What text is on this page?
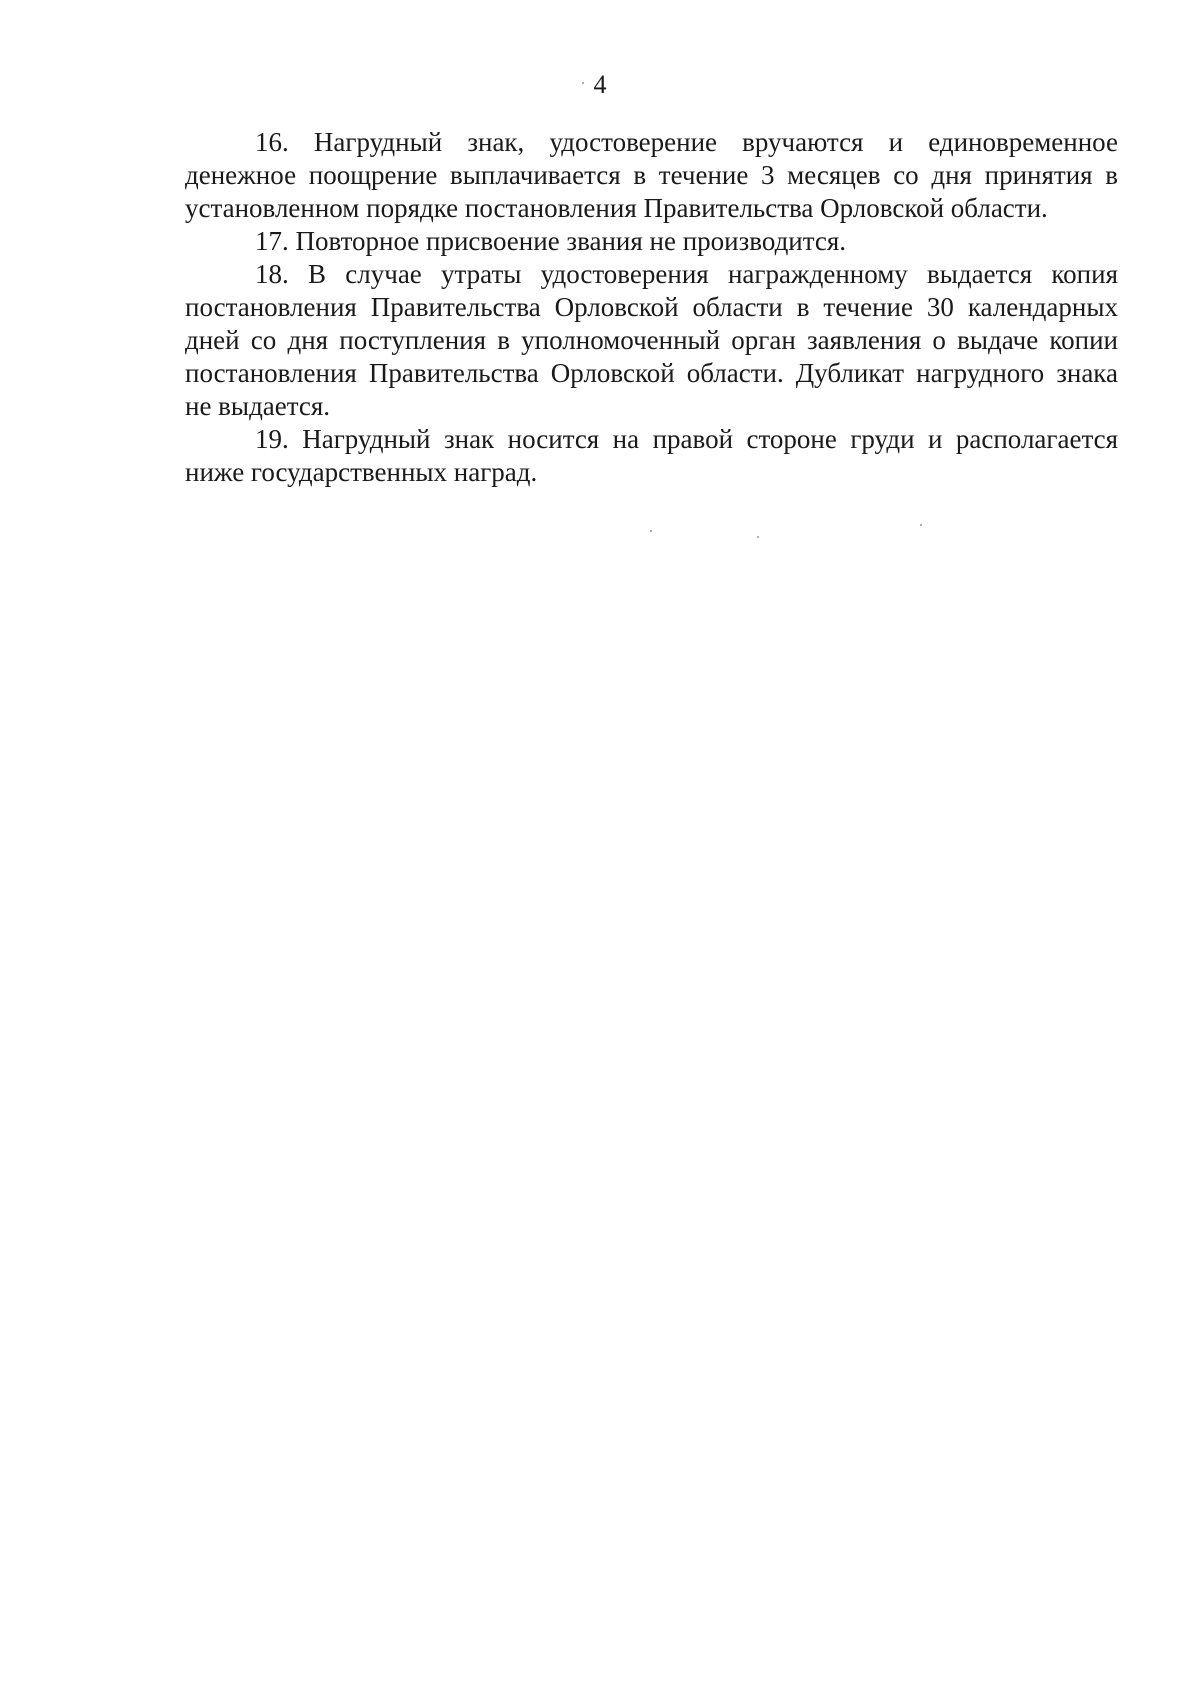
4

16. Нагрудный знак, удостоверение вручаются и единовременное денежное поощрение выплачивается в течение 3 месяцев со дня принятия в установленном порядке постановления Правительства Орловской области.

17. Повторное присвоение звания не производится.

18. В случае утраты удостоверения награжденному выдается копия постановления Правительства Орловской области в течение 30 календарных дней со дня поступления в уполномоченный орган заявления о выдаче копии постановления Правительства Орловской области. Дубликат нагрудного знака не выдается.

19. Нагрудный знак носится на правой стороне груди и располагается ниже государственных наград.
